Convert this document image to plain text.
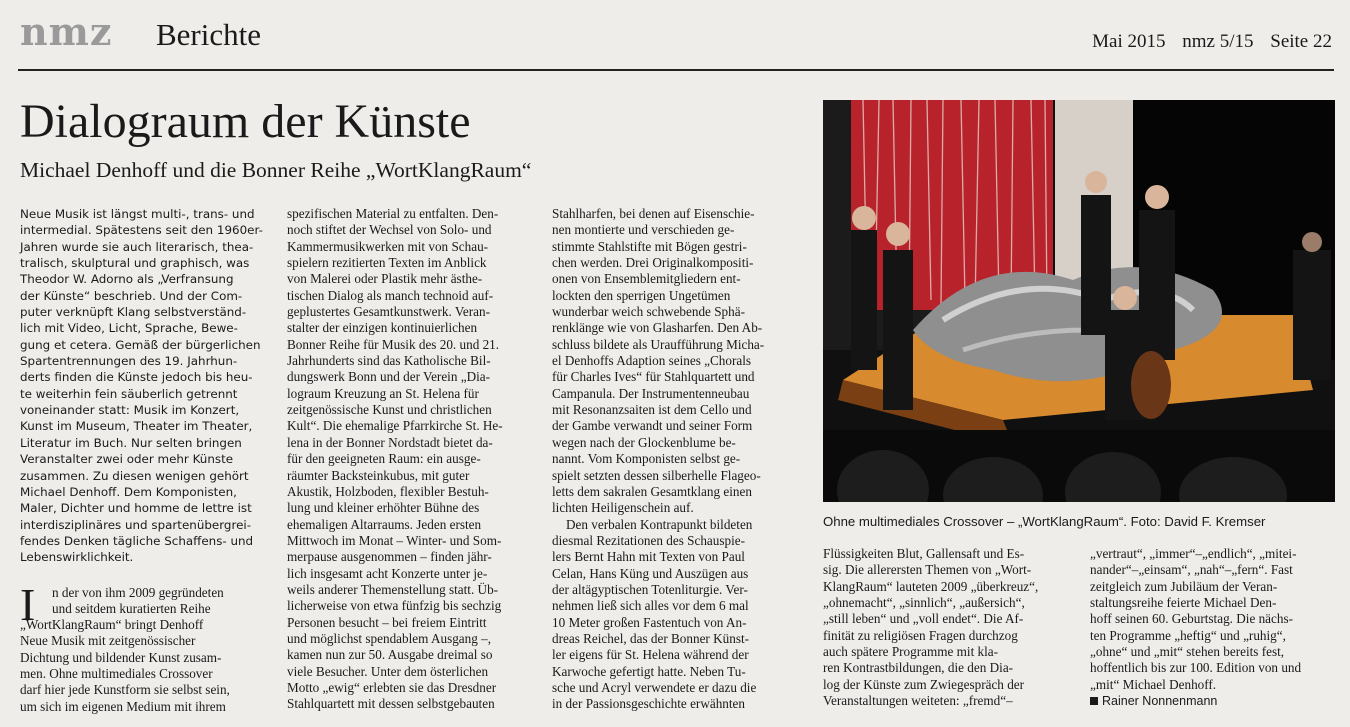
nmz Berichte	Mai 2015 nmz 5/15 Seite 22
Dialograum der Künste
Michael Denhoff und die Bonner Reihe „WortKlangRaum“

Neue Musik ist längst multi-, trans- und

intermedial. Spätestens seit den 1960er-

Jahren wurde sie auch literarisch, thea-

tralisch, skulptural und graphisch, was

Theodor W. Adorno als „Verfransung

der Künste“ beschrieb. Und der Com-

puter verknüpft Klang selbstverständ-

lich mit Video, Licht, Sprache, Bewe-

gung et cetera. Gemäß der bürgerlichen

Spartentrennungen des 19. Jahrhun-

derts finden die Künste jedoch bis heu-

te weiterhin fein säuberlich getrennt

voneinander statt: Musik im Konzert,

Kunst im Museum, Theater im Theater,

Literatur im Buch. Nur selten bringen

Veranstalter zwei oder mehr Künste

zusammen. Zu diesen wenigen gehört

Michael Denhoff. Dem Komponisten,

Maler, Dichter und homme de lettre ist

interdisziplinäres und spartenübergrei-

fendes Denken tägliche Schaffens- und

Lebenswirklichkeit.

I n der von ihm 2009 gegründeten

und seitdem kuratierten Reihe

„WortKlangRaum“ bringt Denhoff

Neue Musik mit zeitgenössischer

Dichtung und bildender Kunst zusam-

men. Ohne multimediales Crossover

darf hier jede Kunstform sie selbst sein,

um sich im eigenen Medium mit ihrem

spezifischen Material zu entfalten. Den-

noch stiftet der Wechsel von Solo- und

Kammermusikwerken mit von Schau-

spielern rezitierten Texten im Anblick

von Malerei oder Plastik mehr ästhe-

tischen Dialog als manch technoid auf-

geplustertes Gesamtkunstwerk. Veran-

stalter der einzigen kontinuierlichen

Bonner Reihe für Musik des 20. und 21.

Jahrhunderts sind das Katholische Bil-

dungswerk Bonn und der Verein „Dia-

lograum Kreuzung an St. Helena für

zeitgenössische Kunst und christlichen

Kult“. Die ehemalige Pfarrkirche St. He-

lena in der Bonner Nordstadt bietet da-

für den geeigneten Raum: ein ausge-

räumter Backsteinkubus, mit guter

Akustik, Holzboden, flexibler Bestuh-

lung und kleiner erhöhter Bühne des

ehemaligen Altarraums. Jeden ersten

Mittwoch im Monat – Winter- und Som-

merpause ausgenommen – finden jähr-

lich insgesamt acht Konzerte unter je-

weils anderer Themenstellung statt. Üb-

licherweise von etwa fünfzig bis sechzig

Personen besucht – bei freiem Eintritt

und möglichst spendablem Ausgang –,

kamen nun zur 50. Ausgabe dreimal so

viele Besucher. Unter dem österlichen

Motto „ewig“ erlebten sie das Dresdner

Stahlquartett mit dessen selbstgebauten

Stahlharfen, bei denen auf Eisenschie-

nen montierte und verschieden ge-

stimmte Stahlstifte mit Bögen gestri-

chen werden. Drei Originalkompositi-

onen von Ensemblemitgliedern ent-

lockten den sperrigen Ungetümen

wunderbar weich schwebende Sphä-

renklänge wie von Glasharfen. Den Ab-

schluss bildete als Uraufführung Michа-

el Denhoffs Adaption seines „Chorals

für Charles Ives“ für Stahlquartett und

Campanula. Der Instrumentenneubau

mit Resonanzsaiten ist dem Cello und

der Gambe verwandt und seiner Form

wegen nach der Glockenblume be-

nannt. Vom Komponisten selbst ge-

spielt setzten dessen silberhelle Flageo-

letts dem sakralen Gesamtklang einen

lichten Heiligenschein auf.

Den verbalen Kontrapunkt bildeten

diesmal Rezitationen des Schauspie-

lers Bernt Hahn mit Texten von Paul

Celan, Hans Küng und Auszügen aus

der altägyptischen Totenliturgie. Ver-

nehmen ließ sich alles vor dem 6 mal

10 Meter großen Fastentuch von An-

dreas Reichel, das der Bonner Künst-

ler eigens für St. Helena während der

Karwoche gefertigt hatte. Neben Tu-

sche und Acryl verwendete er dazu die

in der Passionsgeschichte erwähnten

Ohne multimediales Crossover – „WortKlangRaum“. Foto: David F. Kremser

Flüssigkeiten Blut, Gallensaft und Es-

sig. Die allerersten Themen von „Wort-

KlangRaum“ lauteten 2009 „überkreuz“,

„ohnemacht“, „sinnlich“, „außersich“,

„still leben“ und „voll endet“. Die Af-

finität zu religiösen Fragen durchzog

auch spätere Programme mit kla-

ren Kontrastbildungen, die den Dia-

log der Künste zum Zwiegespräch der

Veranstaltungen weiteten: „fremd“–

„vertraut“, „immer“–„endlich“, „mitei-

nander“–„einsam“, „nah“–„fern“. Fast

zeitgleich zum Jubiläum der Veran-

staltungsreihe feierte Michael Den-

hoff seinen 60. Geburtstag. Die nächs-

ten Programme „heftig“ und „ruhig“,

„ohne“ und „mit“ stehen bereits fest,

hoffentlich bis zur 100. Edition von und

„mit“ Michael Denhoff.

Rainer Nonnenmann
